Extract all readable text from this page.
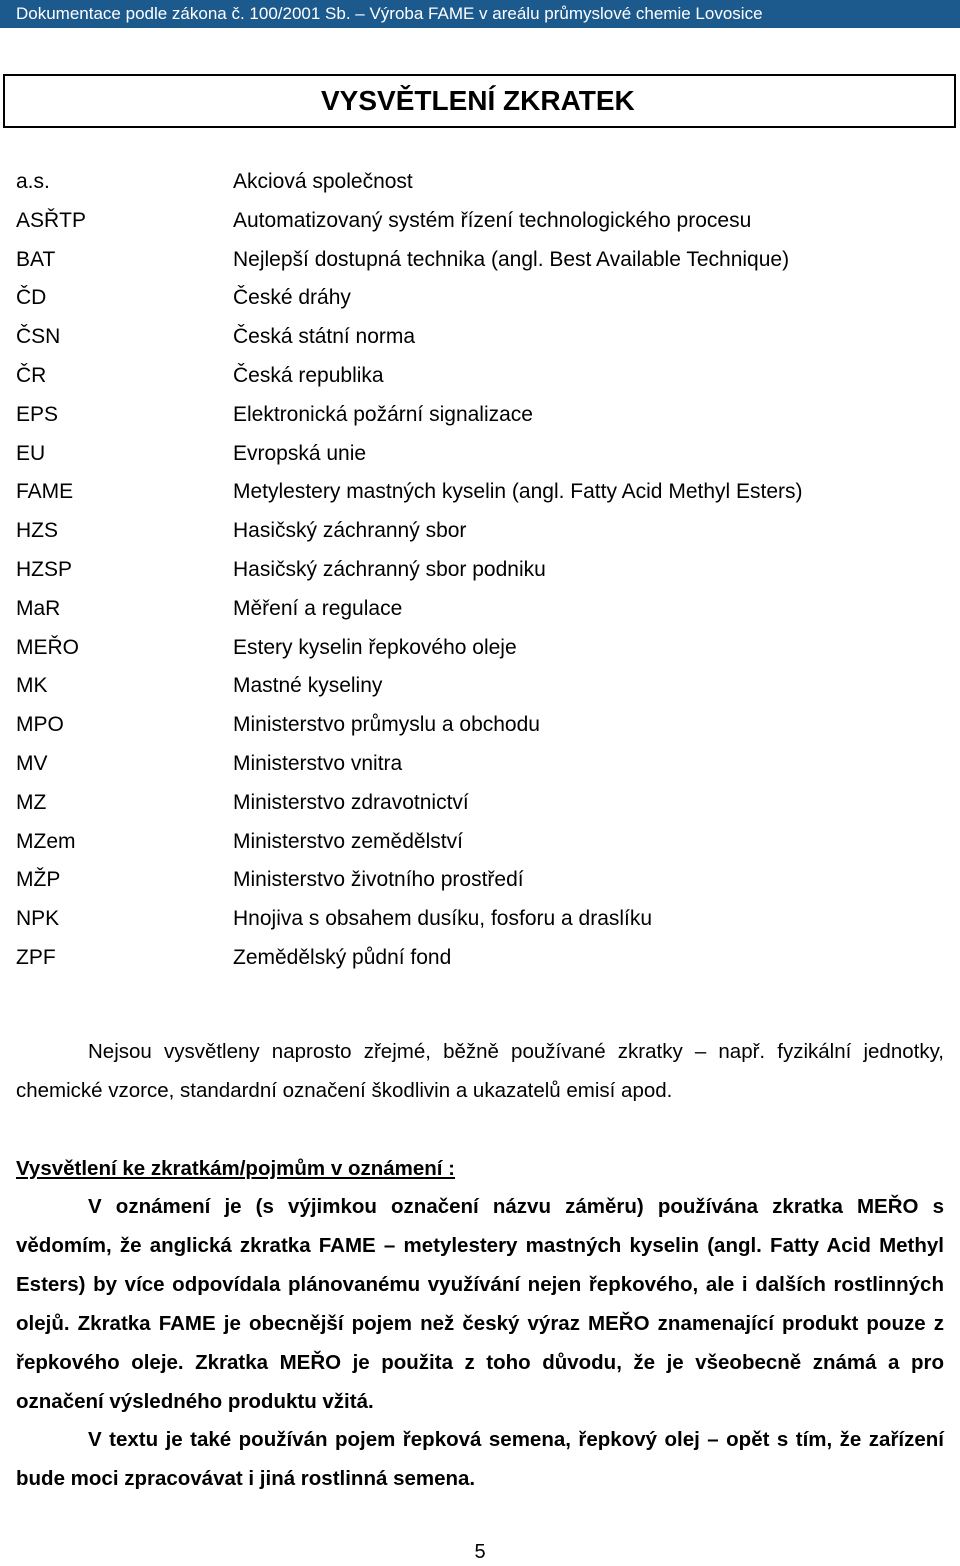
Dokumentace podle zákona č. 100/2001 Sb. – Výroba FAME v areálu průmyslové chemie Lovosice
VYSVĚTLENÍ ZKRATEK
a.s.	Akciová společnost
ASŘTP	Automatizovaný systém řízení technologického procesu
BAT	Nejlepší dostupná technika (angl. Best Available Technique)
ČD	České dráhy
ČSN	Česká státní norma
ČR	Česká republika
EPS	Elektronická požární signalizace
EU	Evropská unie
FAME	Metylestery mastných kyselin (angl. Fatty Acid Methyl Esters)
HZS	Hasičský záchranný sbor
HZSP	Hasičský záchranný sbor podniku
MaR	Měření a regulace
MEŘO	Estery kyselin řepkového oleje
MK	Mastné kyseliny
MPO	Ministerstvo průmyslu a obchodu
MV	Ministerstvo vnitra
MZ	Ministerstvo zdravotnictví
MZem	Ministerstvo zemědělství
MŽP	Ministerstvo životního prostředí
NPK	Hnojiva s obsahem dusíku, fosforu a draslíku
ZPF	Zemědělský půdní fond
Nejsou vysvětleny naprosto zřejmé, běžně používané zkratky – např. fyzikální jednotky, chemické vzorce, standardní označení škodlivin a ukazatelů emisí apod.
Vysvětlení ke zkratkám/pojmům v oznámení :
V oznámení je (s výjimkou označení názvu záměru) používána zkratka MEŘO s vědomím, že anglická zkratka FAME – metylestery mastných kyselin (angl. Fatty Acid Methyl Esters) by více odpovídala plánovanému využívání nejen řepkového, ale i dalších rostlinných olejů. Zkratka FAME je obecnější pojem než český výraz MEŘO znamenající produkt pouze z řepkového oleje. Zkratka MEŘO je použita z toho důvodu, že je všeobecně známá a pro označení výsledného produktu vžitá.
V textu je také používán pojem řepková semena, řepkový olej – opět s tím, že zařízení bude moci zpracovávat i jiná rostlinná semena.
5
